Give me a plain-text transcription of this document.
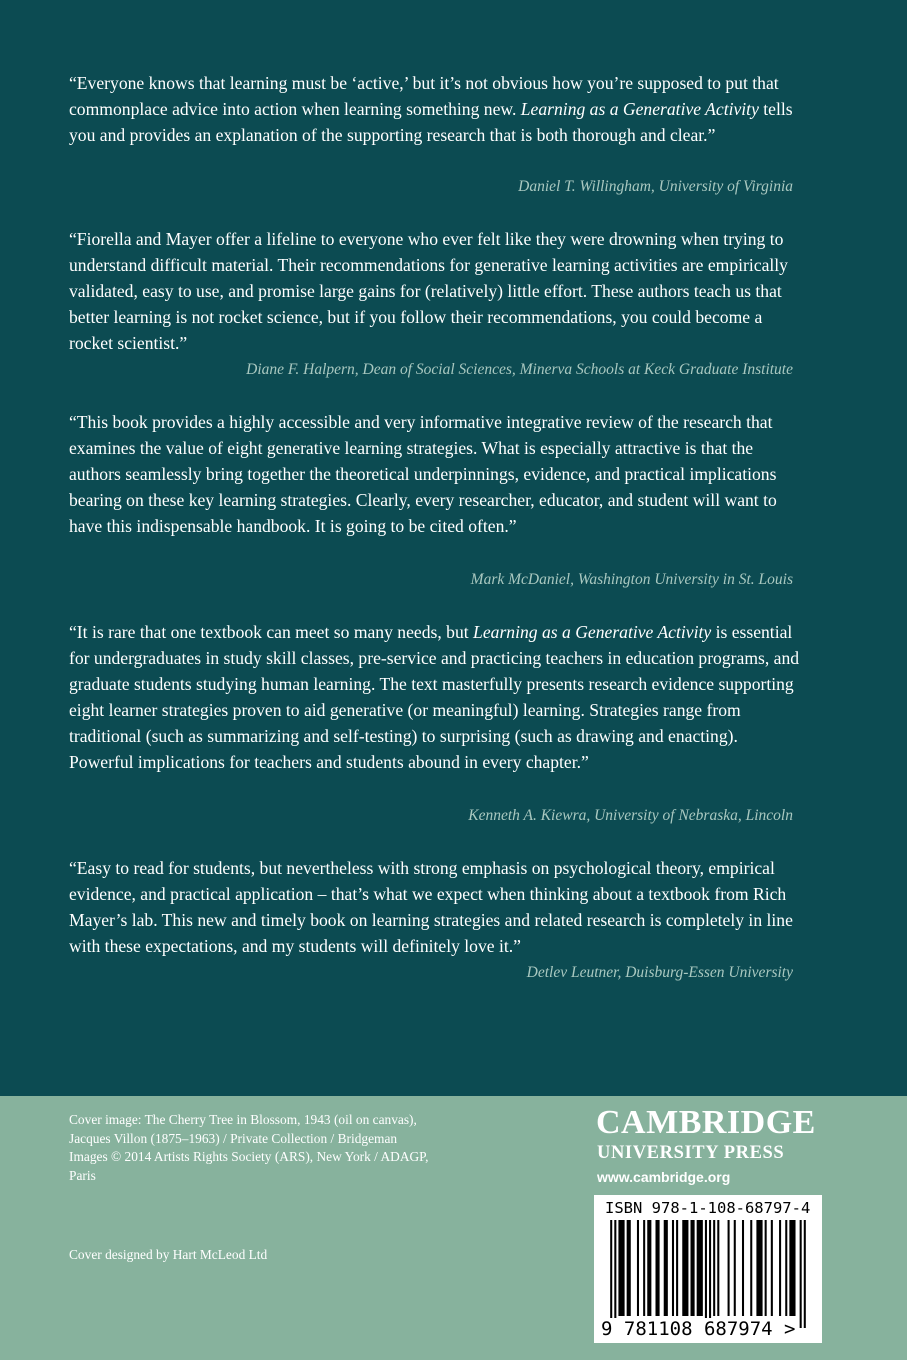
“Everyone knows that learning must be ‘active,’ but it’s not obvious how you’re supposed to put that commonplace advice into action when learning something new. Learning as a Generative Activity tells you and provides an explanation of the supporting research that is both thorough and clear.”

Daniel T. Willingham, University of Virginia

“Fiorella and Mayer offer a lifeline to everyone who ever felt like they were drowning when trying to understand difficult material. Their recommendations for generative learning activities are empirically validated, easy to use, and promise large gains for (relatively) little effort. These authors teach us that better learning is not rocket science, but if you follow their recommendations, you could become a rocket scientist.”

Diane F. Halpern, Dean of Social Sciences, Minerva Schools at Keck Graduate Institute

“This book provides a highly accessible and very informative integrative review of the research that examines the value of eight generative learning strategies. What is especially attractive is that the authors seamlessly bring together the theoretical underpinnings, evidence, and practical implications bearing on these key learning strategies. Clearly, every researcher, educator, and student will want to have this indispensable handbook. It is going to be cited often.”

Mark McDaniel, Washington University in St. Louis

“It is rare that one textbook can meet so many needs, but Learning as a Generative Activity is essential for undergraduates in study skill classes, pre-service and practicing teachers in education programs, and graduate students studying human learning. The text masterfully presents research evidence supporting eight learner strategies proven to aid generative (or meaningful) learning. Strategies range from traditional (such as summarizing and self-testing) to surprising (such as drawing and enacting). Powerful implications for teachers and students abound in every chapter.”

Kenneth A. Kiewra, University of Nebraska, Lincoln

“Easy to read for students, but nevertheless with strong emphasis on psychological theory, empirical evidence, and practical application – that’s what we expect when thinking about a textbook from Rich Mayer’s lab. This new and timely book on learning strategies and related research is completely in line with these expectations, and my students will definitely love it.”

Detlev Leutner, Duisburg-Essen University

Cover image: The Cherry Tree in Blossom, 1943 (oil on canvas), Jacques Villon (1875–1963) / Private Collection / Bridgeman Images © 2014 Artists Rights Society (ARS), New York / ADAGP, Paris

Cover designed by Hart McLeod Ltd

CAMBRIDGE
UNIVERSITY PRESS
www.cambridge.org
ISBN 978-1-108-68797-4
9 781108 687974 >
